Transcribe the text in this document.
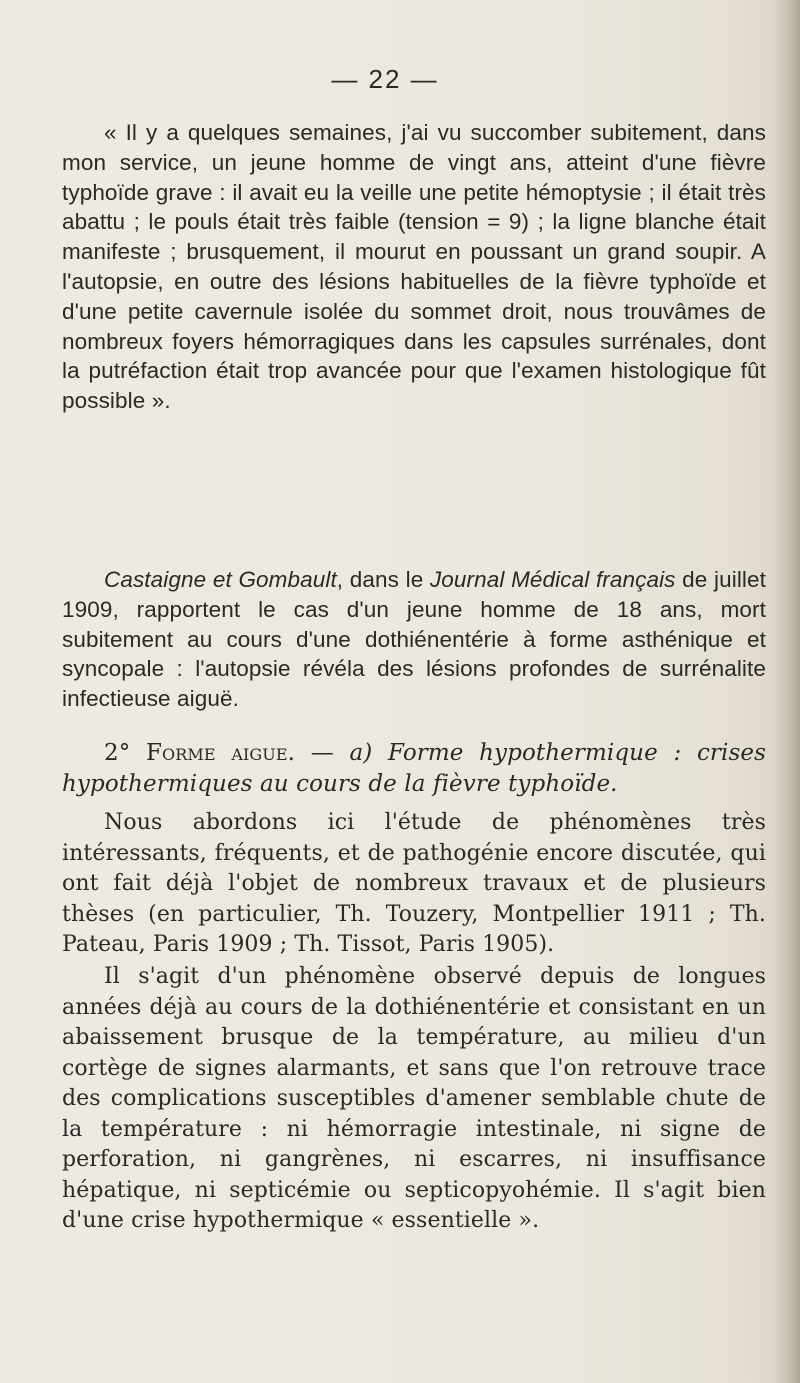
— 22 —

« Il y a quelques semaines, j'ai vu succomber subitement, dans mon service, un jeune homme de vingt ans, atteint d'une fièvre typhoïde grave : il avait eu la veille une petite hémoptysie ; il était très abattu ; le pouls était très faible (tension = 9) ; la ligne blanche était manifeste ; brusquement, il mourut en poussant un grand soupir. A l'autopsie, en outre des lésions habituelles de la fièvre typhoïde et d'une petite cavernule isolée du sommet droit, nous trouvâmes de nombreux foyers hémorragiques dans les capsules surrénales, dont la putréfaction était trop avancée pour que l'examen histologique fût possible ».

Castaigne et Gombault, dans le Journal Médical français de juillet 1909, rapportent le cas d'un jeune homme de 18 ans, mort subitement au cours d'une dothiénentérie à forme asthénique et syncopale : l'autopsie révéla des lésions profondes de surrénalite infectieuse aiguë.

2° Forme aigue. — a) Forme hypothermique : crises hypothermiques au cours de la fièvre typhoïde.

Nous abordons ici l'étude de phénomènes très intéressants, fréquents, et de pathogénie encore discutée, qui ont fait déjà l'objet de nombreux travaux et de plusieurs thèses (en particulier, Th. Touzery, Montpellier 1911 ; Th. Pateau, Paris 1909 ; Th. Tissot, Paris 1905).

Il s'agit d'un phénomène observé depuis de longues années déjà au cours de la dothiénentérie et consistant en un abaissement brusque de la température, au milieu d'un cortège de signes alarmants, et sans que l'on retrouve trace des complications susceptibles d'amener semblable chute de la température : ni hémorragie intestinale, ni signe de perforation, ni gangrènes, ni escarres, ni insuffisance hépatique, ni septicémie ou septicopyohémie. Il s'agit bien d'une crise hypothermique « essentielle ».
